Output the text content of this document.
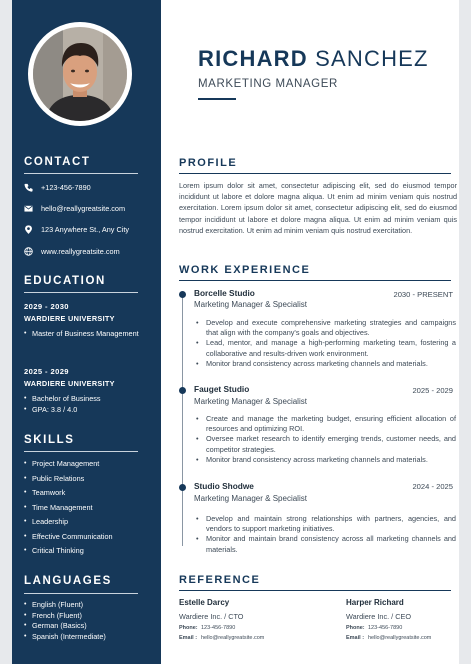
CONTACT
+123-456-7890
hello@reallygreatsite.com
123 Anywhere St., Any City
www.reallygreatsite.com
EDUCATION
2029 - 2030
WARDIERE UNIVERSITY
• Master of Business Management
2025 - 2029
WARDIERE UNIVERSITY
• Bachelor of Business
• GPA: 3.8 / 4.0
SKILLS
• Project Management
• Public Relations
• Teamwork
• Time Management
• Leadership
• Effective Communication
• Critical Thinking
LANGUAGES
• English (Fluent)
• French (Fluent)
• German (Basics)
• Spanish (Intermediate)
RICHARD SANCHEZ
MARKETING MANAGER
PROFILE
Lorem ipsum dolor sit amet, consectetur adipiscing elit, sed do eiusmod tempor incididunt ut labore et dolore magna aliqua. Ut enim ad minim veniam quis nostrud exercitation. Lorem ipsum dolor sit amet, consectetur adipiscing elit, sed do eiusmod tempor incididunt ut labore et dolore magna aliqua. Ut enim ad minim veniam quis nostrud exercitation. Ut enim ad minim veniam quis nostrud exercitation.
WORK EXPERIENCE
Borcelle Studio	2030 - PRESENT
Marketing Manager & Specialist
• Develop and execute comprehensive marketing strategies and campaigns that align with the company's goals and objectives.
• Lead, mentor, and manage a high-performing marketing team, fostering a collaborative and results-driven work environment.
• Monitor brand consistency across marketing channels and materials.
Fauget Studio	2025 - 2029
Marketing Manager & Specialist
• Create and manage the marketing budget, ensuring efficient allocation of resources and optimizing ROI.
• Oversee market research to identify emerging trends, customer needs, and competitor strategies.
• Monitor brand consistency across marketing channels and materials.
Studio Shodwe	2024 - 2025
Marketing Manager & Specialist
• Develop and maintain strong relationships with partners, agencies, and vendors to support marketing initiatives.
• Monitor and maintain brand consistency across all marketing channels and materials.
REFERENCE
Estelle Darcy
Wardiere Inc. / CTO
Phone: 123-456-7890
Email : hello@reallygreatsite.com
Harper Richard
Wardiere Inc. / CEO
Phone: 123-456-7890
Email : hello@reallygreatsite.com
